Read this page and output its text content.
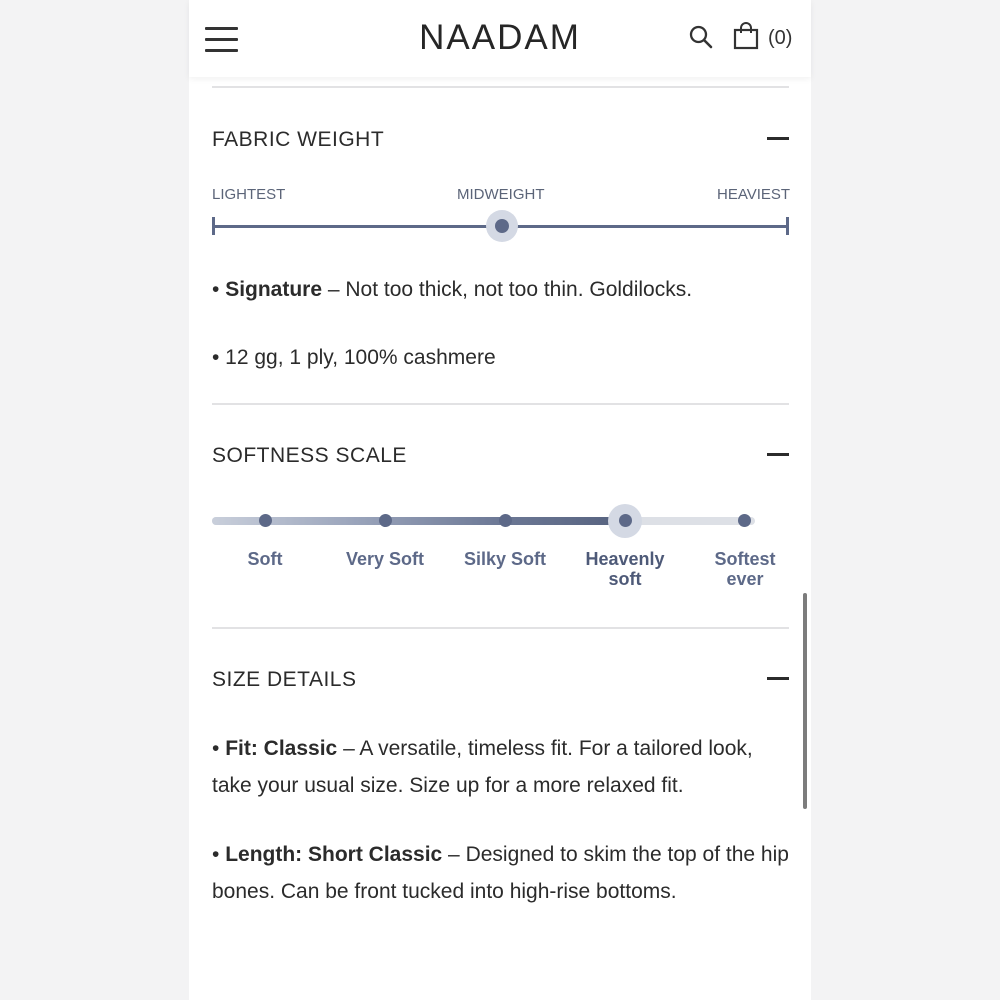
NAADAM	(0)
FABRIC WEIGHT
LIGHTEST	MIDWEIGHT	HEAVIEST
• Signature – Not too thick, not too thin. Goldilocks.
• 12 gg, 1 ply, 100% cashmere
SOFTNESS SCALE
Soft	Very Soft	Silky Soft	Heavenly soft
Softest ever
SIZE DETAILS
• Fit: Classic – A versatile, timeless fit. For a tailored look, take your usual size. Size up for a more relaxed fit.
• Length: Short Classic – Designed to skim the top of the hip bones. Can be front tucked into high-rise bottoms.
